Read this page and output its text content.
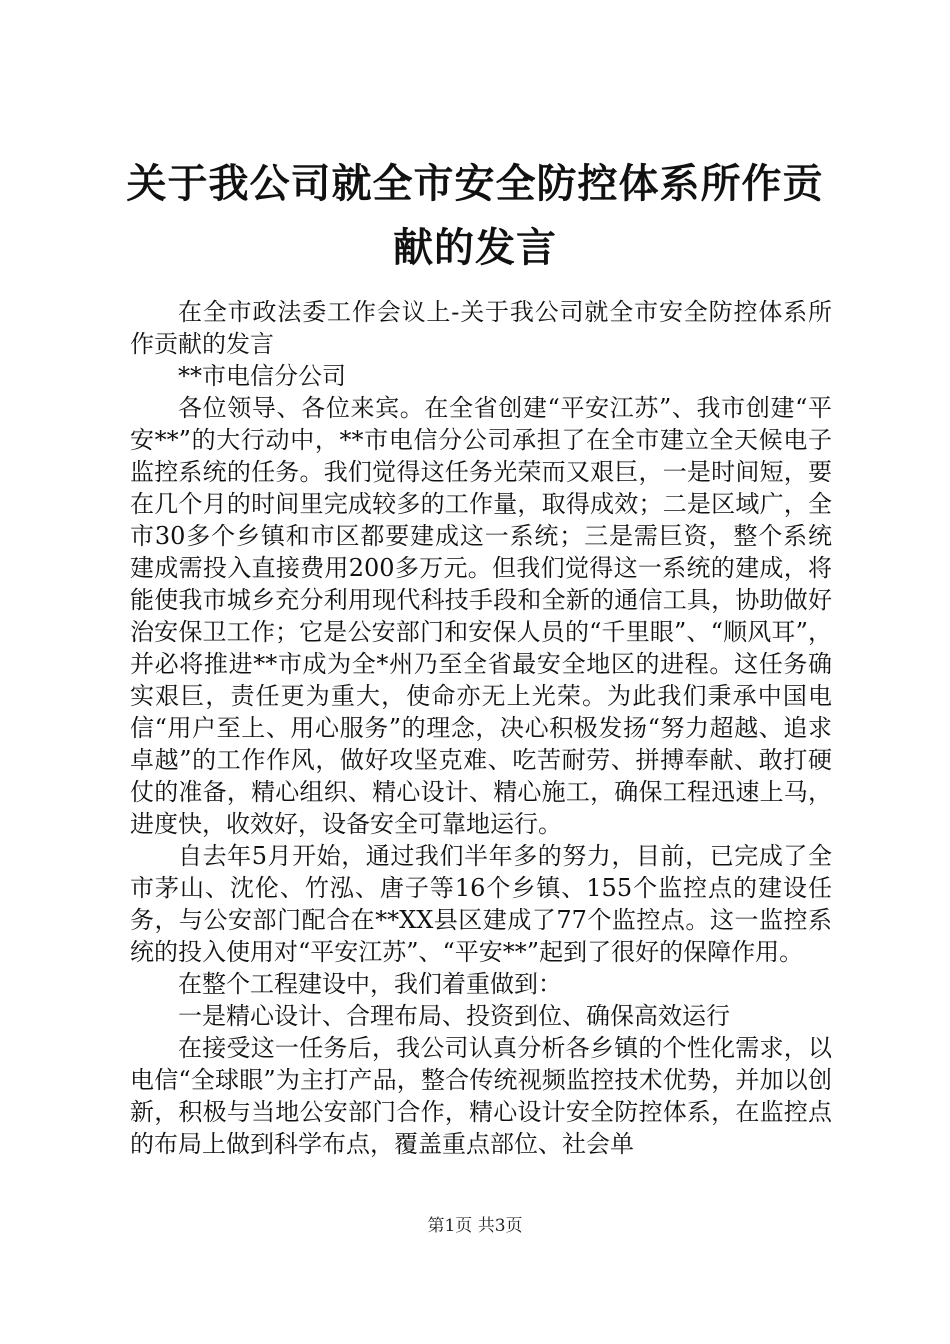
关于我公司就全市安全防控体系所作贡献的发言

在全市政法委工作会议上-关于我公司就全市安全防控体系所作贡献的发言

**市电信分公司

各位领导、各位来宾。在全省创建“平安江苏”、我市创建“平安**”的大行动中，**市电信分公司承担了在全市建立全天候电子监控系统的任务。我们觉得这任务光荣而又艰巨，一是时间短，要在几个月的时间里完成较多的工作量，取得成效；二是区域广，全市30多个乡镇和市区都要建成这一系统；三是需巨资，整个系统建成需投入直接费用200多万元。但我们觉得这一系统的建成，将能使我市城乡充分利用现代科技手段和全新的通信工具，协助做好治安保卫工作；它是公安部门和安保人员的“千里眼”、“顺风耳”，并必将推进**市成为全*州乃至全省最安全地区的进程。这任务确实艰巨，责任更为重大，使命亦无上光荣。为此我们秉承中国电信“用户至上、用心服务”的理念，决心积极发扬“努力超越、追求卓越”的工作作风，做好攻坚克难、吃苦耐劳、拼搏奉献、敢打硬仗的准备，精心组织、精心设计、精心施工，确保工程迅速上马，进度快，收效好，设备安全可靠地运行。

自去年5月开始，通过我们半年多的努力，目前，已完成了全市茅山、沈伦、竹泓、唐子等16个乡镇、155个监控点的建设任务，与公安部门配合在**XX县区建成了77个监控点。这一监控系统的投入使用对“平安江苏”、“平安**”起到了很好的保障作用。

在整个工程建设中，我们着重做到：

一是精心设计、合理布局、投资到位、确保高效运行

在接受这一任务后，我公司认真分析各乡镇的个性化需求，以电信“全球眼”为主打产品，整合传统视频监控技术优势，并加以创新，积极与当地公安部门合作，精心设计安全防控体系，在监控点的布局上做到科学布点，覆盖重点部位、社会单

第1页 共3页
